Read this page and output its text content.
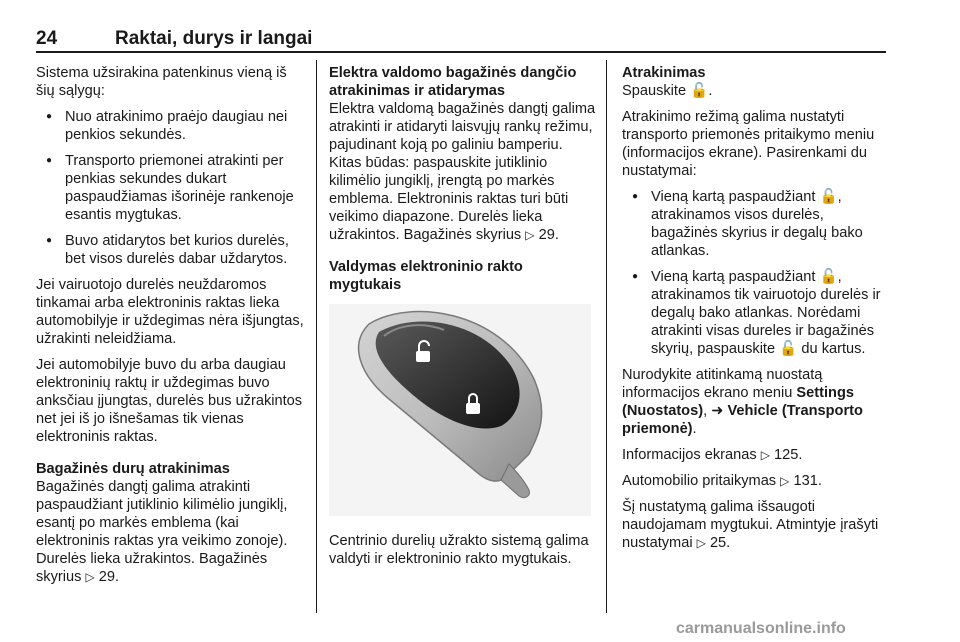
24	Raktai, durys ir langai

Sistema užsirakina patenkinus vieną iš šių sąlygų:

● Nuo atrakinimo praėjo daugiau nei penkios sekundės.
● Transporto priemonei atrakinti per penkias sekundes dukart paspaudžiamas išorinėje rankenoje esantis mygtukas.
● Buvo atidarytos bet kurios durelės, bet visos durelės dabar uždarytos.

Jei vairuotojo durelės neuždaromos tinkamai arba elektroninis raktas lieka automobilyje ir uždegimas nėra išjungtas, užrakinti neleidžiama.

Jei automobilyje buvo du arba daugiau elektroninių raktų ir uždegimas buvo anksčiau įjungtas, durelės bus užrakintos net jei iš jo išnešamas tik vienas elektroninis raktas.

Bagažinės durų atrakinimas

Bagažinės dangtį galima atrakinti paspaudžiant jutiklinio kilimėlio jungiklį, esantį po markės emblema (kai elektroninis raktas yra veikimo zonoje). Durelės lieka užrakintos. Bagažinės skyrius ▷ 29.

Elektra valdomo bagažinės dangčio atrakinimas ir atidarymas

Elektra valdomą bagažinės dangtį galima atrakinti ir atidaryti laisvųjų rankų režimu, pajudinant koją po galiniu bamperiu. Kitas būdas: paspauskite jutiklinio kilimėlio jungiklį, įrengtą po markės emblema. Elektroninis raktas turi būti veikimo diapazone. Durelės lieka užrakintos. Bagažinės skyrius ▷ 29.

Valdymas elektroninio rakto mygtukais

Centrinio durelių užrakto sistemą galima valdyti ir elektroninio rakto mygtukais.

Atrakinimas

Spauskite 🔓.

Atrakinimo režimą galima nustatyti transporto priemonės pritaikymo meniu (informacijos ekrane). Pasirenkami du nustatymai:

● Vieną kartą paspaudžiant 🔓, atrakinamos visos durelės, bagažinės skyrius ir degalų bako atlankas.
● Vieną kartą paspaudžiant 🔓, atrakinamos tik vairuotojo durelės ir degalų bako atlankas. Norėdami atrakinti visas dureles ir bagažinės skyrių, paspauskite 🔓 du kartus.

Nurodykite atitinkamą nuostatą informacijos ekrano meniu Settings (Nuostatos), ➜ Vehicle (Transporto priemonė).

Informacijos ekranas ▷ 125.

Automobilio pritaikymas ▷ 131.

Šį nustatymą galima išsaugoti naudojamam mygtukui. Atmintyje įrašyti nustatymai ▷ 25.

carmanualsonline.info
